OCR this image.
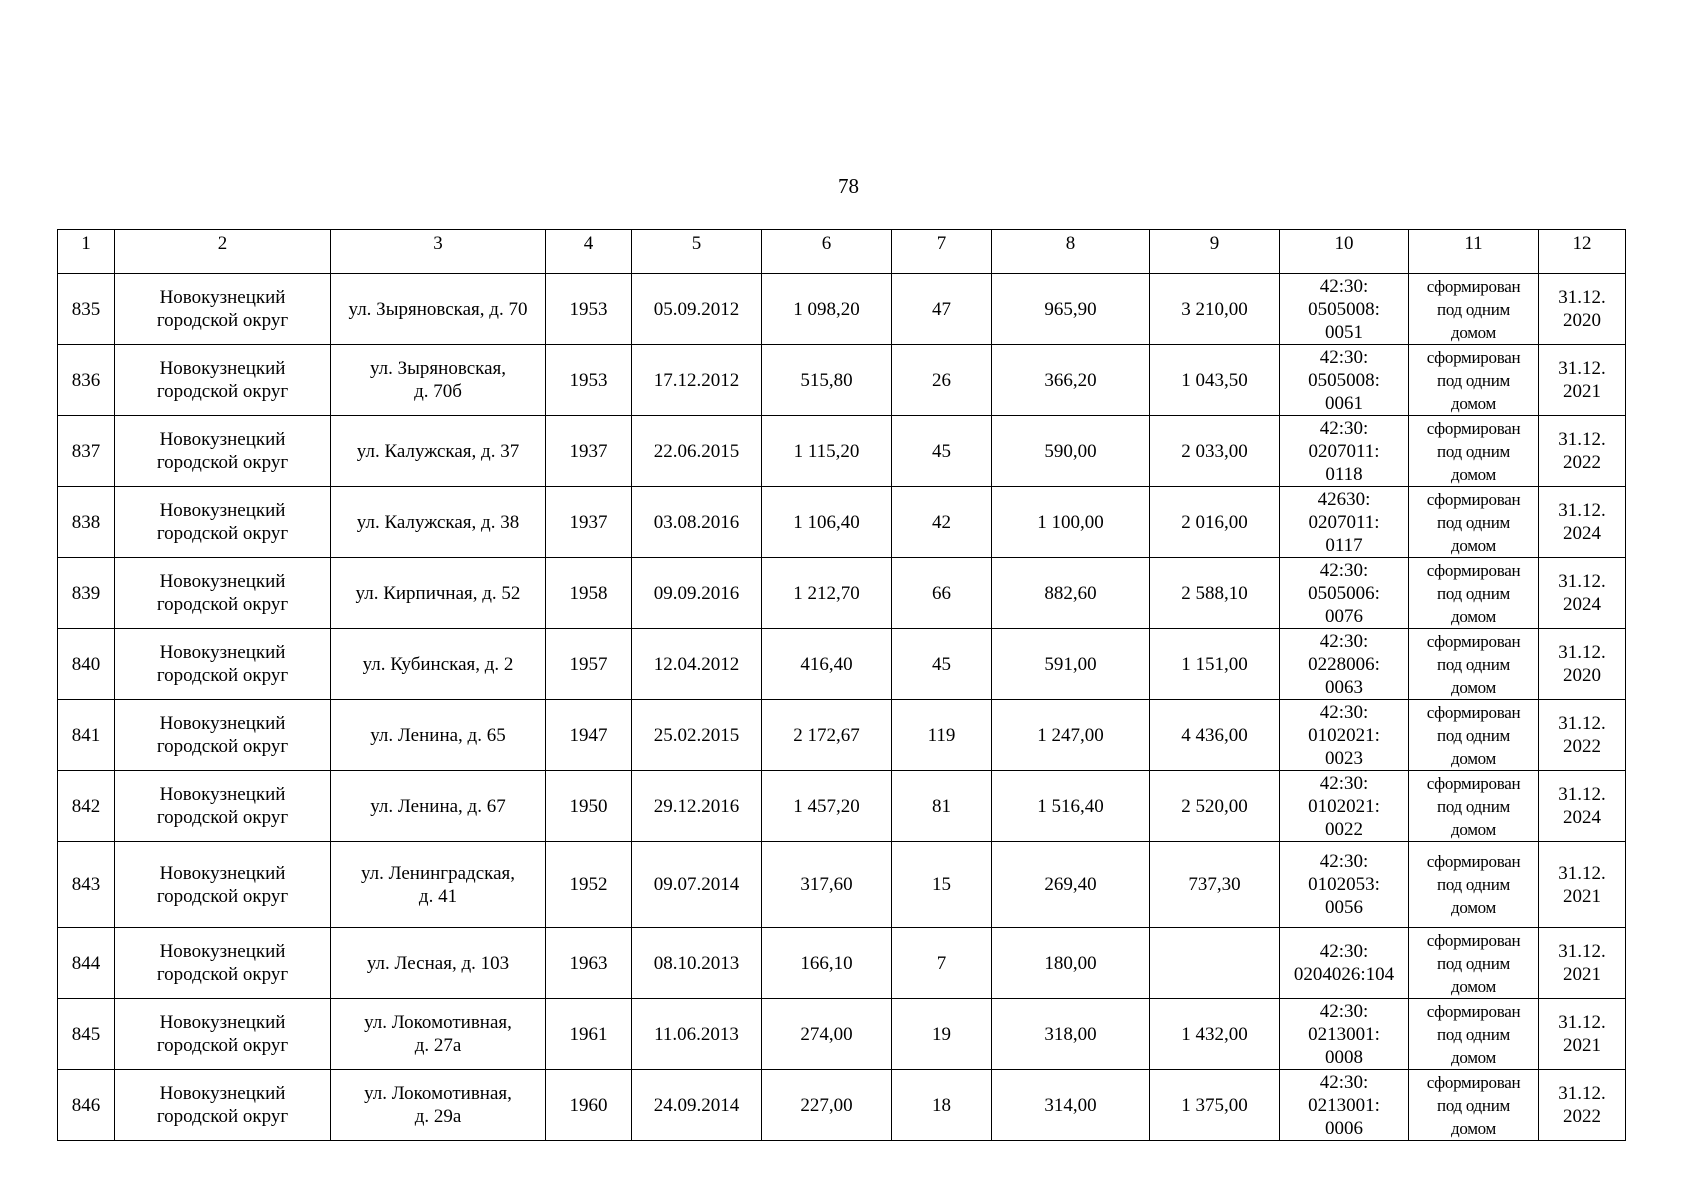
78
1	2	3	4	5	6	7	8	9	10	11	12
835	Новокузнецкий
городской округ	ул. Зыряновская, д. 70	1953	05.09.2012	1 098,20	47	965,90	3 210,00	42:30:
0505008:
0051	сформирован
под одним
домом	31.12.
2020
836	Новокузнецкий
городской округ	ул. Зыряновская,
д. 70б	1953	17.12.2012	515,80	26	366,20	1 043,50	42:30:
0505008:
0061	сформирован
под одним
домом	31.12.
2021
837	Новокузнецкий
городской округ	ул. Калужская, д. 37	1937	22.06.2015	1 115,20	45	590,00	2 033,00	42:30:
0207011:
0118	сформирован
под одним
домом	31.12.
2022
838	Новокузнецкий
городской округ	ул. Калужская, д. 38	1937	03.08.2016	1 106,40	42	1 100,00	2 016,00	42630:
0207011:
0117	сформирован
под одним
домом	31.12.
2024
839	Новокузнецкий
городской округ	ул. Кирпичная, д. 52	1958	09.09.2016	1 212,70	66	882,60	2 588,10	42:30:
0505006:
0076	сформирован
под одним
домом	31.12.
2024
840	Новокузнецкий
городской округ	ул. Кубинская, д. 2	1957	12.04.2012	416,40	45	591,00	1 151,00	42:30:
0228006:
0063	сформирован
под одним
домом	31.12.
2020
841	Новокузнецкий
городской округ	ул. Ленина, д. 65	1947	25.02.2015	2 172,67	119	1 247,00	4 436,00	42:30:
0102021:
0023	сформирован
под одним
домом	31.12.
2022
842	Новокузнецкий
городской округ	ул. Ленина, д. 67	1950	29.12.2016	1 457,20	81	1 516,40	2 520,00	42:30:
0102021:
0022	сформирован
под одним
домом	31.12.
2024
843	Новокузнецкий
городской округ	ул. Ленинградская,
д. 41	1952	09.07.2014	317,60	15	269,40	737,30	42:30:
0102053:
0056	сформирован
под одним
домом	31.12.
2021
844	Новокузнецкий
городской округ	ул. Лесная, д. 103	1963	08.10.2013	166,10	7	180,00		42:30:
0204026:104	сформирован
под одним
домом	31.12.
2021
845	Новокузнецкий
городской округ	ул. Локомотивная,
д. 27а	1961	11.06.2013	274,00	19	318,00	1 432,00	42:30:
0213001:
0008	сформирован
под одним
домом	31.12.
2021
846	Новокузнецкий
городской округ	ул. Локомотивная,
д. 29а	1960	24.09.2014	227,00	18	314,00	1 375,00	42:30:
0213001:
0006	сформирован
под одним
домом	31.12.
2022
